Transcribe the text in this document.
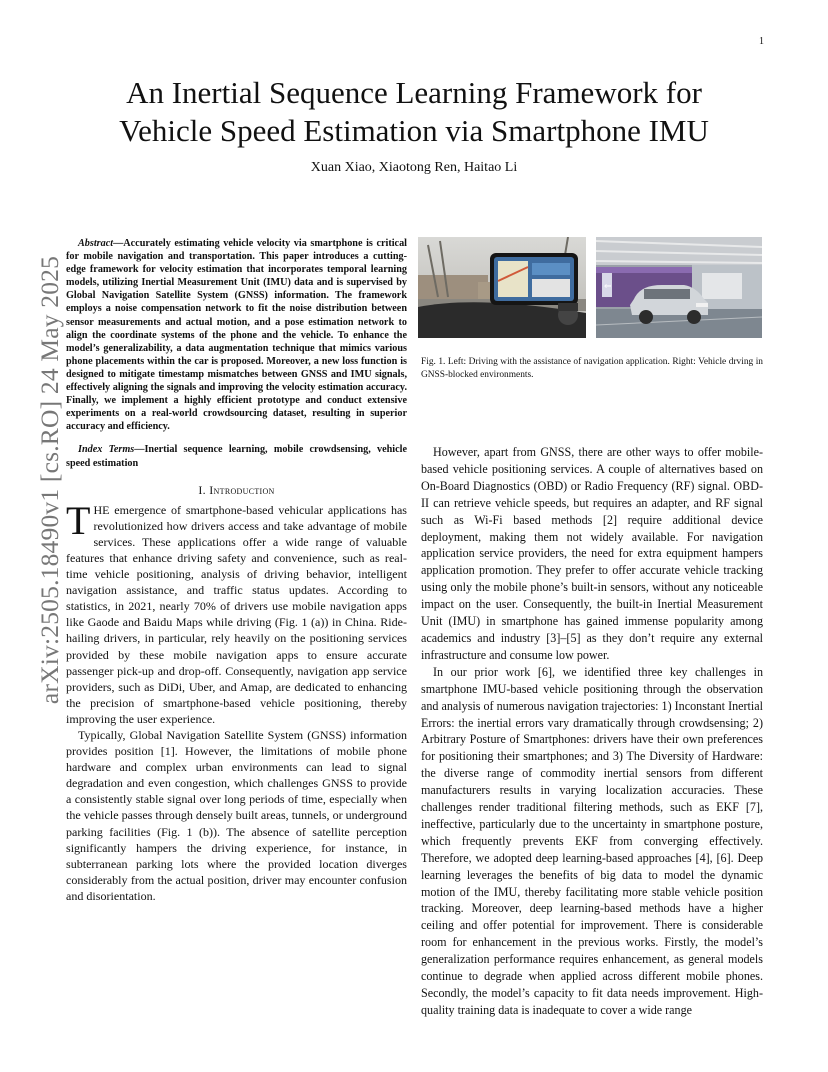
1
arXiv:2505.18490v1 [cs.RO] 24 May 2025
An Inertial Sequence Learning Framework for
Vehicle Speed Estimation via Smartphone IMU
Xuan Xiao, Xiaotong Ren, Haitao Li

Abstract—Accurately estimating vehicle velocity via smartphone is critical for mobile navigation and transportation. This paper introduces a cutting-edge framework for velocity estimation that incorporates temporal learning models, utilizing Inertial Measurement Unit (IMU) data and is supervised by Global Navigation Satellite System (GNSS) information. The framework employs a noise compensation network to fit the noise distribution between sensor measurements and actual motion, and a pose estimation network to align the coordinate systems of the phone and the vehicle. To enhance the model’s generalizability, a data augmentation technique that mimics various phone placements within the car is proposed. Moreover, a new loss function is designed to mitigate timestamp mismatches between GNSS and IMU signals, effectively aligning the signals and improving the velocity estimation accuracy. Finally, we implement a highly efficient prototype and conduct extensive experiments on a real-world crowdsourcing dataset, resulting in superior accuracy and efficiency.

Index Terms—Inertial sequence learning, mobile crowdsensing, vehicle speed estimation

I. Introduction

THE emergence of smartphone-based vehicular applications has revolutionized how drivers access and take advantage of mobile services. These applications offer a wide range of valuable features that enhance driving safety and convenience, such as real-time vehicle positioning, analysis of driving behavior, intelligent navigation assistance, and traffic status updates. According to statistics, in 2021, nearly 70% of drivers use mobile navigation apps like Gaode and Baidu Maps while driving (Fig. 1 (a)) in China. Ride-hailing drivers, in particular, rely heavily on the positioning services provided by these mobile navigation apps to ensure accurate passenger pick-up and drop-off. Consequently, navigation app service providers, such as DiDi, Uber, and Amap, are dedicated to enhancing the precision of smartphone-based vehicle positioning, thereby improving the user experience.

Typically, Global Navigation Satellite System (GNSS) information provides position [1]. However, the limitations of mobile phone hardware and complex urban environments can lead to signal degradation and even congestion, which challenges GNSS to provide a consistently stable signal over long periods of time, especially when the vehicle passes through densely built areas, tunnels, or underground parking facilities (Fig. 1 (b)). The absence of satellite perception significantly hampers the driving experience, for instance, in subterranean parking lots where the provided location diverges considerably from the actual position, driver may encounter confusion and disorientation.

⇐
Fig. 1. Left: Driving with the assistance of navigation application. Right: Vehicle drving in GNSS-blocked environments.

However, apart from GNSS, there are other ways to offer mobile-based vehicle positioning services. A couple of alternatives based on On-Board Diagnostics (OBD) or Radio Frequency (RF) signal. OBD-II can retrieve vehicle speeds, but requires an adapter, and RF signal such as Wi-Fi based methods [2] require additional device deployment, making them not widely available. For navigation application service providers, the need for extra equipment hampers application promotion. They prefer to offer accurate vehicle tracking using only the mobile phone’s built-in sensors, without any noticeable impact on the user. Consequently, the built-in Inertial Measurement Unit (IMU) in smartphone has gained immense popularity among academics and industry [3]–[5] as they don’t require any external infrastructure and consume low power.

In our prior work [6], we identified three key challenges in smartphone IMU-based vehicle positioning through the observation and analysis of numerous navigation trajectories: 1) Inconstant Inertial Errors: the inertial errors vary dramatically through crowdsensing; 2) Arbitrary Posture of Smartphones: drivers have their own preferences for positioning their smartphones; and 3) The Diversity of Hardware: the diverse range of commodity inertial sensors from different manufacturers results in varying localization accuracies. These challenges render traditional filtering methods, such as EKF [7], ineffective, particularly due to the uncertainty in smartphone posture, which frequently prevents EKF from converging effectively. Therefore, we adopted deep learning-based approaches [4], [6]. Deep learning leverages the benefits of big data to model the dynamic motion of the IMU, thereby facilitating more stable vehicle position tracking. Moreover, deep learning-based methods have a higher ceiling and offer potential for improvement. There is considerable room for enhancement in the previous works. Firstly, the model’s generalization performance requires enhancement, as general models continue to degrade when applied across different mobile phones. Secondly, the model’s capacity to fit data needs improvement. High-quality training data is inadequate to cover a wide range
